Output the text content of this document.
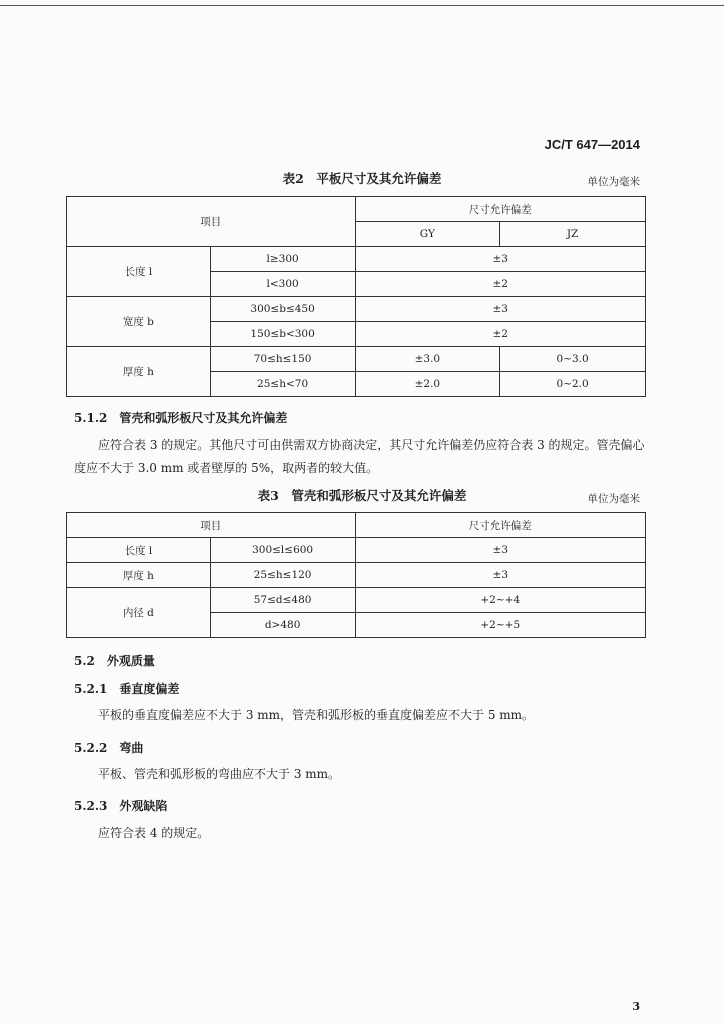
JC/T 647—2014
表2　平板尺寸及其允许偏差	单位为毫米
项目		尺寸允许偏差	
		GY	JZ
长度 l	l≥300	±3	
	l<300	±2	
宽度 b	300≤b≤450	±3	
	150≤b<300	±2	
厚度 h	70≤h≤150	±3.0	0~3.0
	25≤h<70	±2.0	0~2.0
5.1.2　管壳和弧形板尺寸及其允许偏差
应符合表 3 的规定。其他尺寸可由供需双方协商决定，其尺寸允许偏差仍应符合表 3 的规定。管壳偏心度应不大于 3.0 mm 或者壁厚的 5%，取两者的较大值。
表3　管壳和弧形板尺寸及其允许偏差	单位为毫米
项目		尺寸允许偏差
长度 l	300≤l≤600	±3
厚度 h	25≤h≤120	±3
内径 d	57≤d≤480	+2~+4
	d>480	+2~+5
5.2　外观质量
5.2.1　垂直度偏差
平板的垂直度偏差应不大于 3 mm，管壳和弧形板的垂直度偏差应不大于 5 mm。
5.2.2　弯曲
平板、管壳和弧形板的弯曲应不大于 3 mm。
5.2.3　外观缺陷
应符合表 4 的规定。
3
